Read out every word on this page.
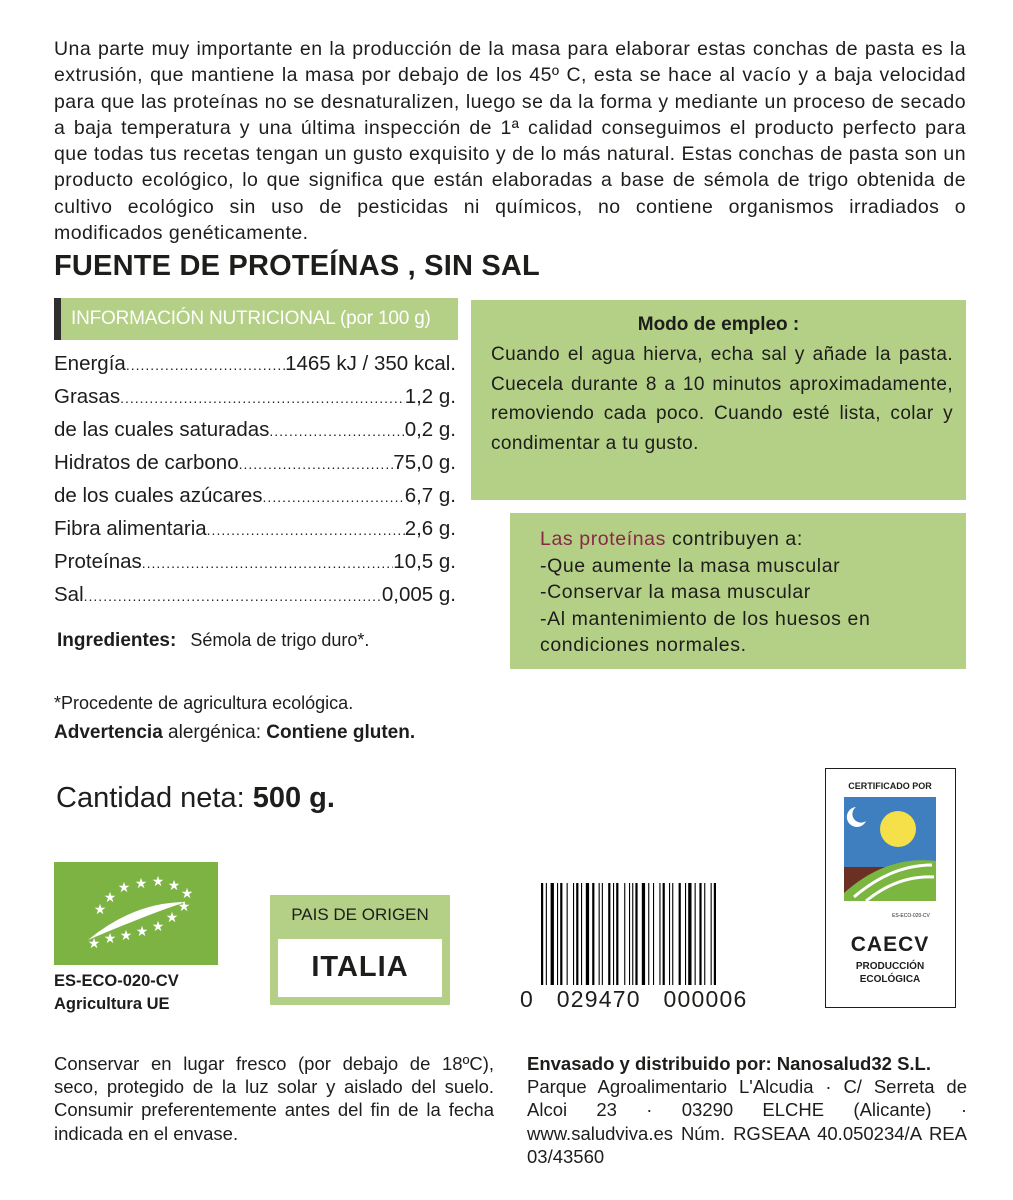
Una parte muy importante en la producción de la masa para elaborar estas conchas de pasta es la extrusión, que mantiene la masa por debajo de los 45º C, esta se hace al vacío y a baja velocidad para que las proteínas no se desnaturalizen, luego se da la forma y mediante un proceso de secado a baja temperatura y una última inspección de 1ª calidad conseguimos el producto perfecto para que todas tus recetas tengan un gusto exquisito y de lo más natural. Estas conchas de pasta son un producto ecológico, lo que significa que están elaboradas a base de sémola de trigo obtenida de cultivo ecológico sin uso de pesticidas ni químicos, no contiene organismos irradiados o modificados genéticamente.
FUENTE DE PROTEÍNAS , SIN SAL
INFORMACIÓN NUTRICIONAL (por 100 g)
Energía .....	1465 kJ / 350 kcal.
Grasas .....	1,2 g.
de las cuales saturadas .....	0,2 g.
Hidratos de carbono .....	75,0 g.
de los cuales azúcares .....	6,7 g.
Fibra alimentaria .....	2,6 g.
Proteínas .....	10,5 g.
Sal .....	0,005 g.
Ingredientes: Sémola de trigo duro*.
*Procedente de agricultura ecológica.
Advertencia alergénica: Contiene gluten.
Cantidad neta: 500 g.
Modo de empleo :
Cuando el agua hierva, echa sal y añade la pasta. Cuecela durante 8 a 10 minutos aproximadamente, removiendo cada poco. Cuando esté lista, colar y condimentar a tu gusto.
Las proteínas contribuyen a:
-Que aumente la masa muscular
-Conservar la masa muscular
-Al mantenimiento de los huesos en condiciones normales.
★ ★ ★ ★ ★
★
★
★
★
★
★
★
★
★
ES-ECO-020-CV
Agricultura UE
PAIS DE ORIGEN
ITALIA
0   029470   000006
CERTIFICADO POR
ES-ECO-020-CV
CAECV
PRODUCCIÓN
ECOLÓGICA
Conservar en lugar fresco (por debajo de 18ºC), seco, protegido de la luz solar y aislado del suelo. Consumir preferentemente antes del fin de la fecha indicada en el envase.
Envasado y distribuido por: Nanosalud32 S.L.
Parque Agroalimentario L'Alcudia · C/ Serreta de Alcoi 23 · 03290 ELCHE (Alicante) · www.saludviva.es Núm. RGSEAA 40.050234/A REA 03/43560
